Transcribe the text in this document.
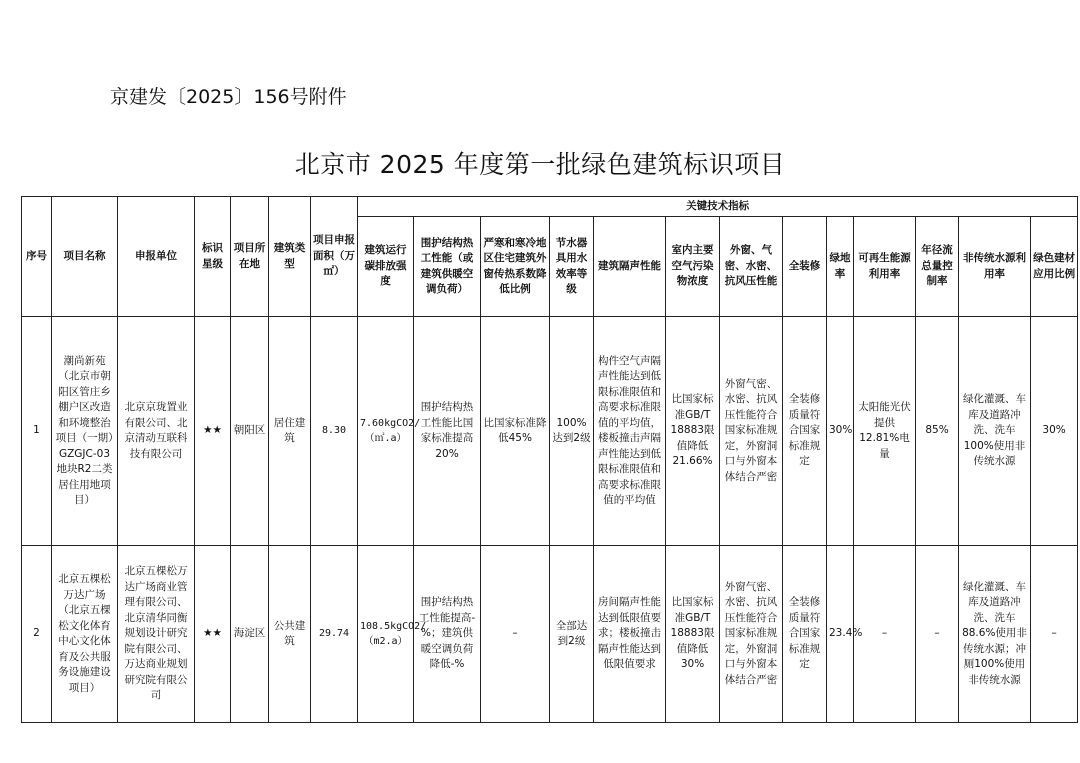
京建发〔2025〕156号附件
北京市 2025 年度第一批绿色建筑标识项目
序号	项目名称	申报单位	标识星级	项目所在地	建筑类型	项目申报面积（万㎡）	关键技术指标												
							建筑运行碳排放强度	围护结构热工性能（或建筑供暖空调负荷）	严寒和寒冷地区住宅建筑外窗传热系数降低比例	节水器具用水效率等级	建筑隔声性能	室内主要空气污染物浓度	外窗、气密、水密、抗风压性能	全装修	绿地率	可再生能源利用率	年径流总量控制率	非传统水源利用率	绿色建材应用比例
1	潮尚新苑（北京市朝阳区管庄乡棚户区改造和环境整治项目（一期）GZGJC-03地块R2二类居住用地项目）	北京京珑置业有限公司、北京清动互联科技有限公司	★★	朝阳区	居住建筑	8.30	7.60kgCO2/（㎡.a）	围护结构热工性能比国家标准提高20%	比国家标准降低45%	100%达到2级	构件空气声隔声性能达到低限标准限值和高要求标准限值的平均值，楼板撞击声隔声性能达到低限标准限值和高要求标准限值的平均值	比国家标准GB/T 18883限值降低21.66%	外窗气密、水密、抗风压性能符合国家标准规定，外窗洞口与外窗本体结合严密	全装修质量符合国家标准规定	30%	太阳能光伏提供12.81%电量	85%	绿化灌溉、车库及道路冲洗、洗车100%使用非传统水源	30%
2	北京五棵松万达广场（北京五棵松文化体育中心文化体育及公共服务设施建设项目）	北京五棵松万达广场商业管理有限公司、北京清华同衡规划设计研究院有限公司、万达商业规划研究院有限公司	★★	海淀区	公共建筑	29.74	108.5kgCO2/（m2.a）	围护结构热工性能提高-%；建筑供暖空调负荷降低-%	–	全部达到2级	房间隔声性能达到低限值要求；楼板撞击隔声性能达到低限值要求	比国家标准GB/T 18883限值降低30%	外窗气密、水密、抗风压性能符合国家标准规定，外窗洞口与外窗本体结合严密	全装修质量符合国家标准规定	23.4%	–	–	绿化灌溉、车库及道路冲洗、洗车88.6%使用非传统水源；冲厕100%使用非传统水源	–
